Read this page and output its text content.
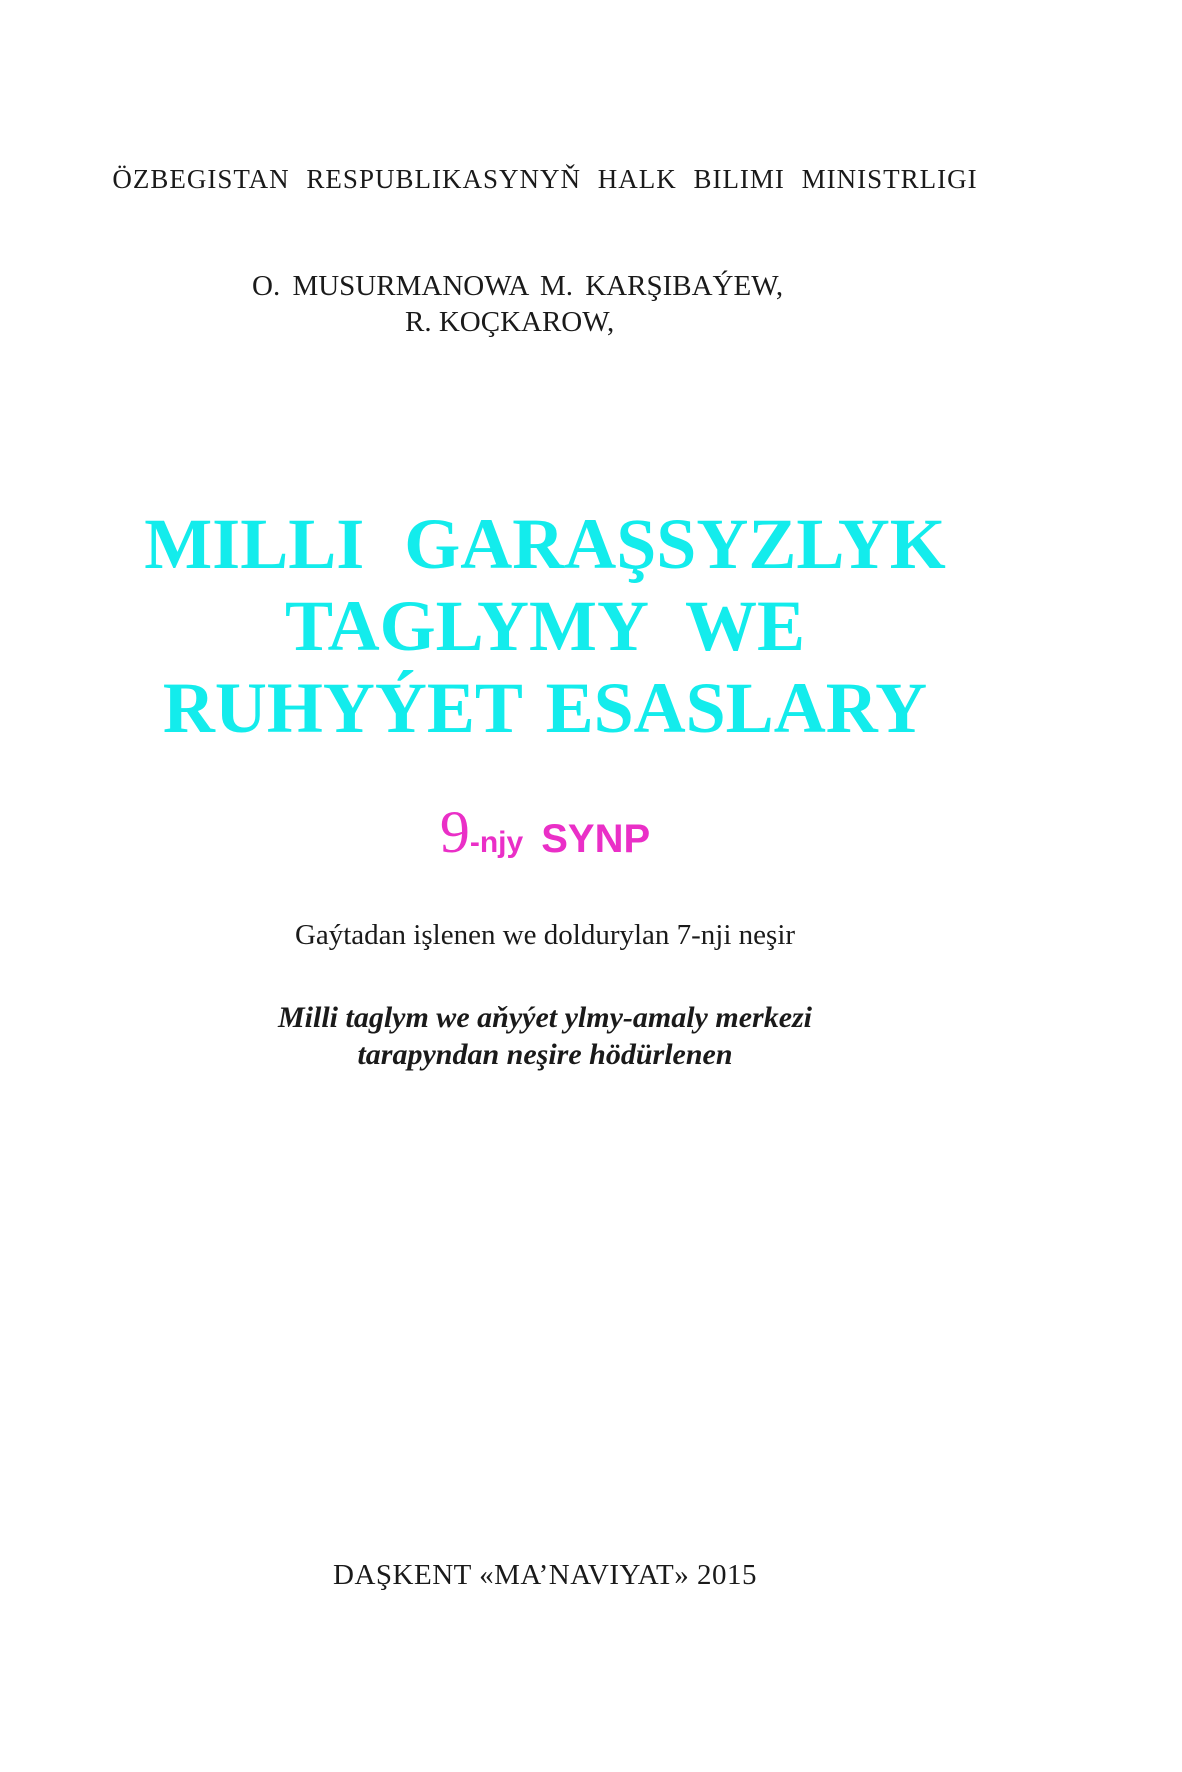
ÖZBEGISTAN RESPUBLIKASYNYŇ HALK BILIMI MINISTRLIGI
O. MUSURMANOWA M. KARŞIBAÝEW,
R. KOÇKAROW,
MILLI GARAŞSYZLYK
TAGLYMY WE
RUHYÝET ESASLARY
9-njy SYNP
Gaýtadan işlenen we doldurylan 7-nji neşir
Milli taglym we aňyýet ylmy-amaly merkezi
tarapyndan neşire hödürlenen
DAŞKENT «MA’NAVIYAT» 2015
